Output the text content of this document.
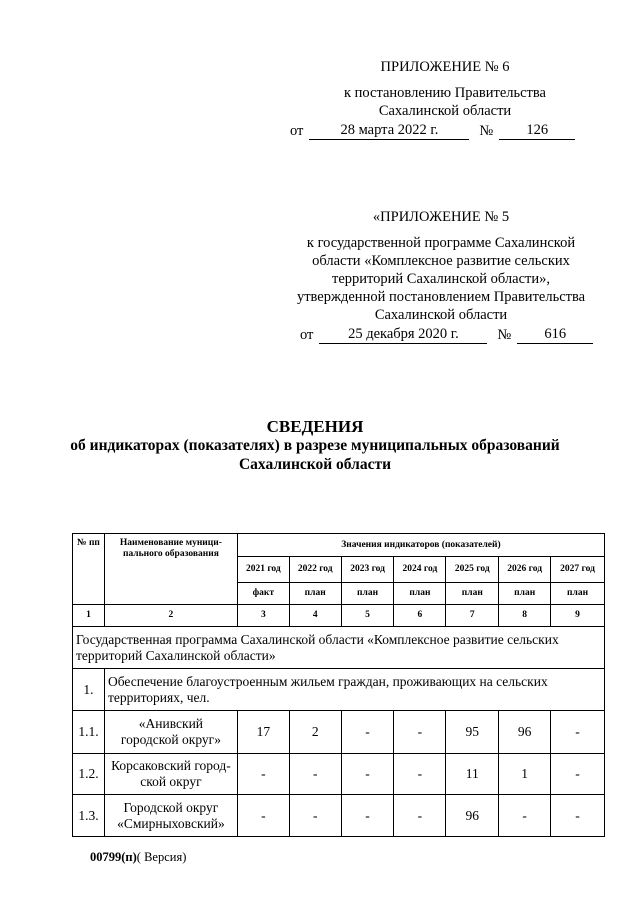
ПРИЛОЖЕНИЕ № 6
к постановлению Правительства
Сахалинской области
от	28 марта 2022 г.	№	126
«ПРИЛОЖЕНИЕ № 5
к государственной программе Сахалинской
области «Комплексное развитие сельских
территорий Сахалинской области»,
утвержденной постановлением Правительства
Сахалинской области
от	25 декабря 2020 г.	№	616
СВЕДЕНИЯ
об индикаторах (показателях) в разрезе муниципальных образований
Сахалинской области
№ пп	Наименование муници-пального образования	Значения индикаторов (показателей)						
		2021 год	2022 год	2023 год	2024 год	2025 год	2026 год	2027 год
		факт	план	план	план	план	план	план
1	2	3	4	5	6	7	8	9
Государственная программа Сахалинской области «Комплексное развитие сельских территорий Сахалинской области»								
1.	Обеспечение благоустроенным жильем граждан, проживающих на сельских территориях, чел.							
1.1.	«Анивский городской округ»	17	2	-	-	95	96	-
1.2.	Корсаковский город-ской округ	-	-	-	-	11	1	-
1.3.	Городской округ «Смирныховский»	-	-	-	-	96	-	-
00799(п)( Версия)
